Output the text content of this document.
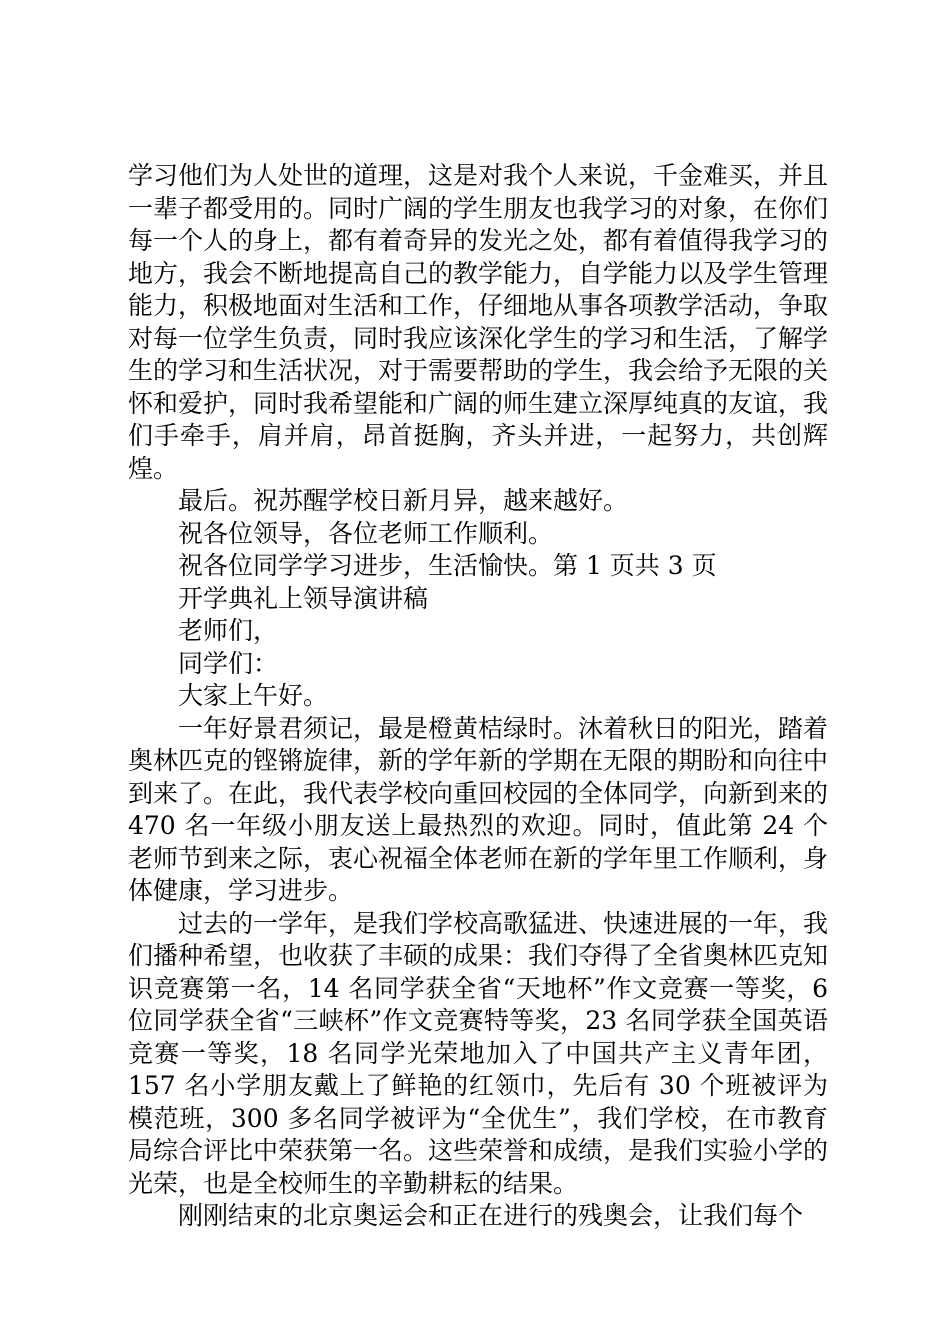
学习他们为人处世的道理，这是对我个人来说，千金难买，并且一辈子都受用的。同时广阔的学生朋友也我学习的对象，在你们每一个人的身上，都有着奇异的发光之处，都有着值得我学习的地方，我会不断地提高自己的教学能力，自学能力以及学生管理能力，积极地面对生活和工作，仔细地从事各项教学活动，争取对每一位学生负责，同时我应该深化学生的学习和生活，了解学生的学习和生活状况，对于需要帮助的学生，我会给予无限的关怀和爱护，同时我希望能和广阔的师生建立深厚纯真的友谊，我们手牵手，肩并肩，昂首挺胸，齐头并进，一起努力，共创辉煌。

最后。祝苏醒学校日新月异，越来越好。

祝各位领导，各位老师工作顺利。

祝各位同学学习进步，生活愉快。第 1 页共 3 页

开学典礼上领导演讲稿

老师们，

同学们：

大家上午好。

一年好景君须记，最是橙黄桔绿时。沐着秋日的阳光，踏着奥林匹克的铿锵旋律，新的学年新的学期在无限的期盼和向往中到来了。在此，我代表学校向重回校园的全体同学，向新到来的 470 名一年级小朋友送上最热烈的欢迎。同时，值此第 24 个老师节到来之际，衷心祝福全体老师在新的学年里工作顺利，身体健康，学习进步。

过去的一学年，是我们学校高歌猛进、快速进展的一年，我们播种希望，也收获了丰硕的成果：我们夺得了全省奥林匹克知识竞赛第一名，14 名同学获全省“天地杯”作文竞赛一等奖，6 位同学获全省“三峡杯”作文竞赛特等奖，23 名同学获全国英语竞赛一等奖，18 名同学光荣地加入了中国共产主义青年团，157 名小学朋友戴上了鲜艳的红领巾，先后有 30 个班被评为模范班，300 多名同学被评为“全优生”，我们学校，在市教育局综合评比中荣获第一名。这些荣誉和成绩，是我们实验小学的光荣，也是全校师生的辛勤耕耘的结果。

刚刚结束的北京奥运会和正在进行的残奥会，让我们每个
